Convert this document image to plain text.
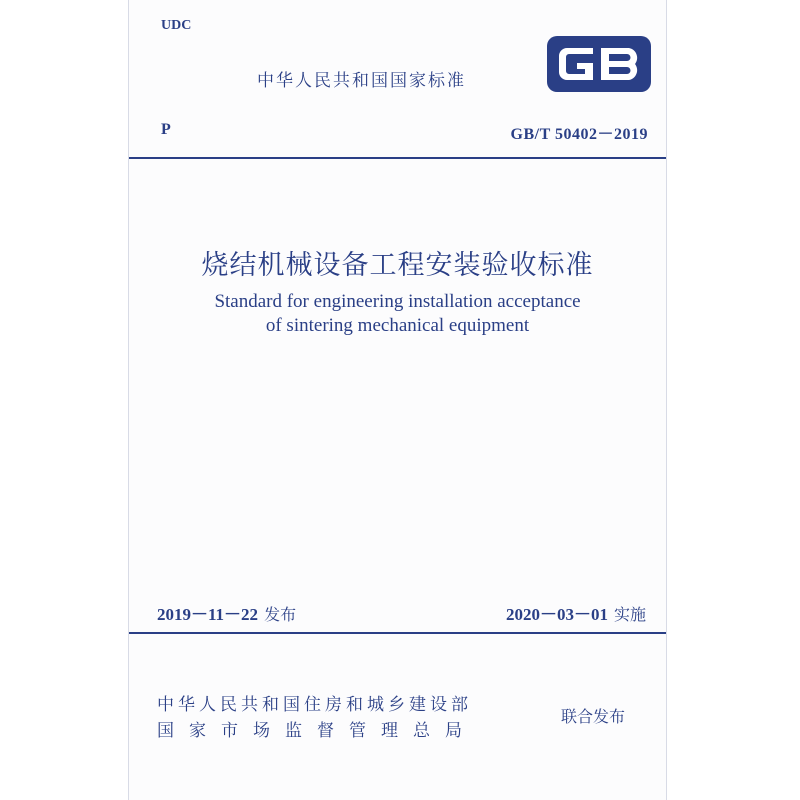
UDC
中华人民共和国国家标准
P	GB/T 50402－2019
烧结机械设备工程安装验收标准
Standard for engineering installation acceptance
of sintering mechanical equipment
2019－11－22 发布	2020－03－01 实施
中华人民共和国住房和城乡建设部
国家市场监督管理总局
联合发布
